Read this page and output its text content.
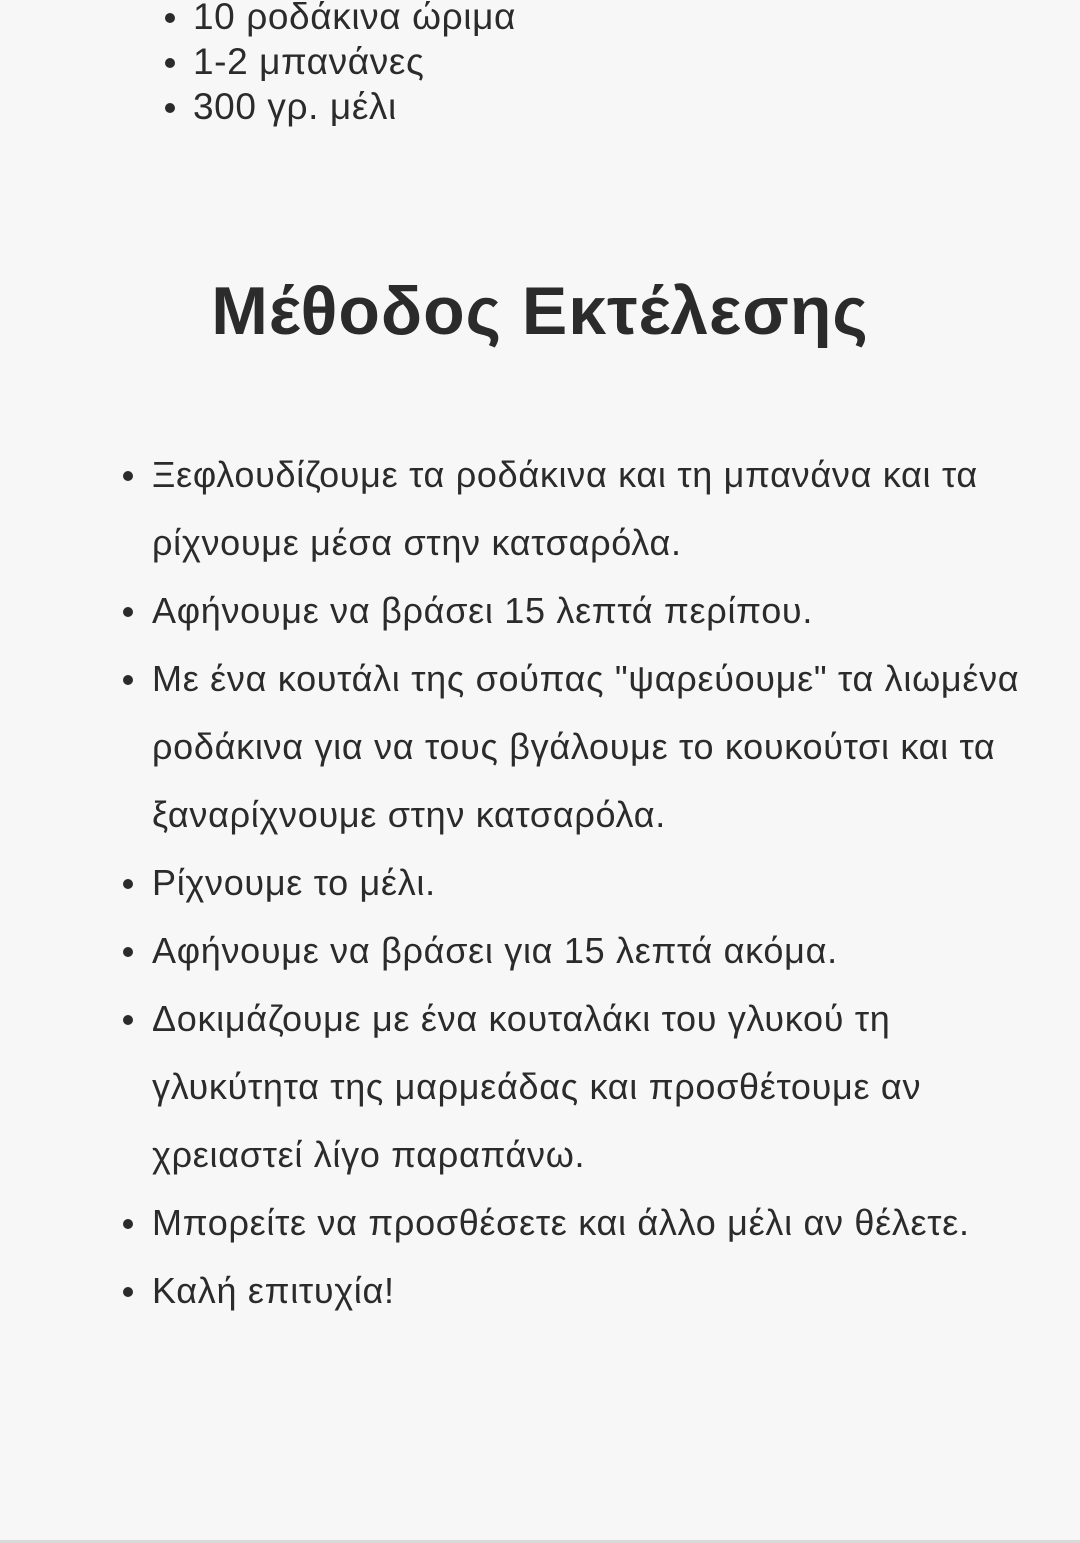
10 ροδάκινα ώριμα
1-2 μπανάνες
300 γρ. μέλι
Μέθοδος Εκτέλεσης
Ξεφλουδίζουμε τα ροδάκινα και τη μπανάνα και τα ρίχνουμε μέσα στην κατσαρόλα.
Αφήνουμε να βράσει 15 λεπτά περίπου.
Με ένα κουτάλι της σούπας "ψαρεύουμε" τα λιωμένα ροδάκινα για να τους βγάλουμε το κουκούτσι και τα ξαναρίχνουμε στην κατσαρόλα.
Ρίχνουμε το μέλι.
Αφήνουμε να βράσει για 15 λεπτά ακόμα.
Δοκιμάζουμε με ένα κουταλάκι του γλυκού τη γλυκύτητα της μαρμεάδας και προσθέτουμε αν χρειαστεί λίγο παραπάνω.
Μπορείτε να προσθέσετε και άλλο μέλι αν θέλετε.
Καλή επιτυχία!
